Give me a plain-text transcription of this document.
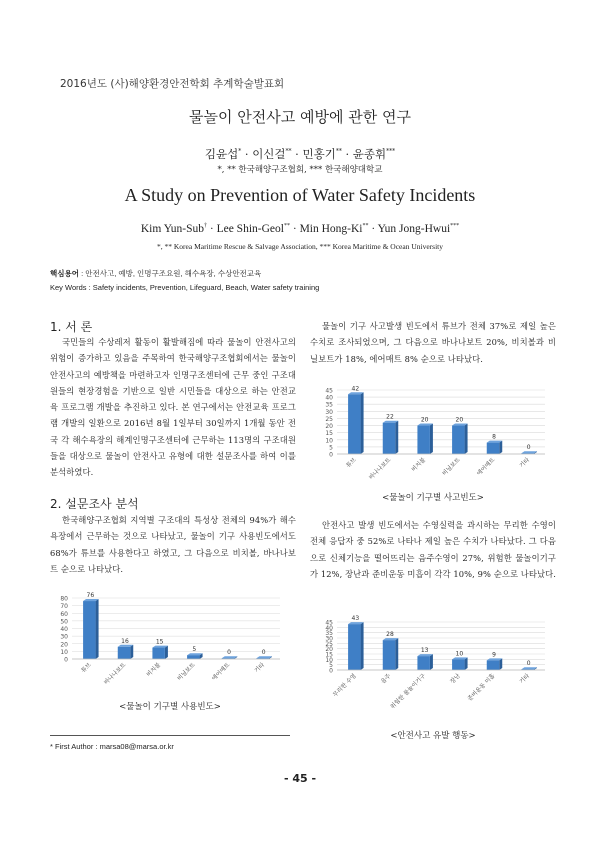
2016년도 (사)해양환경안전학회 추계학술발표회
물놀이 안전사고 예방에 관한 연구
김윤섭* · 이신걸** · 민홍기** · 윤종휘***
*, ** 한국해양구조협회, *** 한국해양대학교
A Study on Prevention of Water Safety Incidents
Kim Yun-Sub† · Lee Shin-Geol** · Min Hong-Ki** · Yun Jong-Hwui***
*, ** Korea Maritime Rescue & Salvage Association, *** Korea Maritime & Ocean University
핵심용어 : 안전사고, 예방, 인명구조요원, 해수욕장, 수상안전교육
Key Words : Safety incidents, Prevention, Lifeguard, Beach, Water safety training
1. 서 론
국민들의 수상레저 활동이 활발해짐에 따라 물놀이 안전사고의 위험이 증가하고 있음을 주목하여 한국해양구조협회에서는 물놀이 안전사고의 예방책을 마련하고자 인명구조센터에 근무 중인 구조대원들의 현장경험을 기반으로 일반 시민들을 대상으로 하는 안전교육 프로그램 개발을 추진하고 있다. 본 연구에서는 안전교육 프로그램 개발의 일환으로 2016년 8월 1일부터 30일까지 1개월 동안 전국 각 해수욕장의 해계인명구조센터에 근무하는 113명의 구조대원들을 대상으로 물놀이 안전사고 유형에 대한 설문조사를 하여 이를 분석하였다.
2. 설문조사 분석
한국해양구조협회 지역별 구조대의 특성상 전체의 94%가 해수욕장에서 근무하는 것으로 나타났고, 물놀이 기구 사용빈도에서도 68%가 튜브를 사용한다고 하였고, 그 다음으로 비치볼, 바나나보트 순으로 나타났다.
0
10
20
30
40
50
60
70
80	76
튜브
16
바나나보트
15
비치볼
5
비닐보트
0
에어매트
0
기타
<물놀이 기구별 사용빈도>
물놀이 기구 사고발생 빈도에서 튜브가 전체 37%로 제일 높은 수치로 조사되었으며, 그 다음으로 바나나보트 20%, 비치볼과 비닐보트가 18%, 에어매트 8% 순으로 나타났다.
0
5
10
15
20
25
30
35
40
45	42
튜브
22
바나나보트
20
비치볼
20
비닐보트
8
에어매트
0
기타
<물놀이 기구별 사고빈도>
안전사고 발생 빈도에서는 수영실력을 과시하는 무리한 수영이 전체 응답자 중 52%로 나타나 제일 높은 수치가 나타났다. 그 다음으로 신체기능을 떨어뜨리는 음주수영이 27%, 위험한 물놀이기구가 12%, 장난과 준비운동 미흡이 각각 10%, 9% 순으로 나타났다.
0
5
10
15
20
25
30
35
40
45
43
무리한 수영
28
음주
13
위험한 물놀이기구
10
장난
9
준비운동 미흡
0
기타
<안전사고 유발 행동>
* First Author : marsa08@marsa.or.kr
- 45 -
